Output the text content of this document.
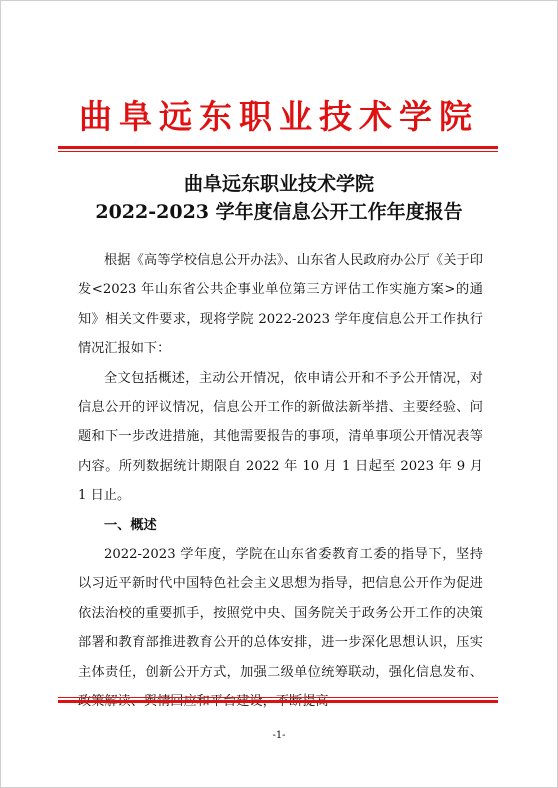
曲阜远东职业技术学院
曲阜远东职业技术学院
2022-2023 学年度信息公开工作年度报告

根据《高等学校信息公开办法》、山东省人民政府办公厅《关于印发<2023 年山东省公共企事业单位第三方评估工作实施方案>的通知》相关文件要求，现将学院 2022-2023 学年度信息公开工作执行情况汇报如下：

全文包括概述，主动公开情况，依申请公开和不予公开情况，对信息公开的评议情况，信息公开工作的新做法新举措、主要经验、问题和下一步改进措施，其他需要报告的事项，清单事项公开情况表等内容。所列数据统计期限自 2022 年 10 月 1 日起至 2023 年 9 月 1 日止。

一、概述

2022-2023 学年度，学院在山东省委教育工委的指导下，坚持以习近平新时代中国特色社会主义思想为指导，把信息公开作为促进依法治校的重要抓手，按照党中央、国务院关于政务公开工作的决策部署和教育部推进教育公开的总体安排，进一步深化思想认识，压实主体责任，创新公开方式，加强二级单位统筹联动，强化信息发布、

-1-
